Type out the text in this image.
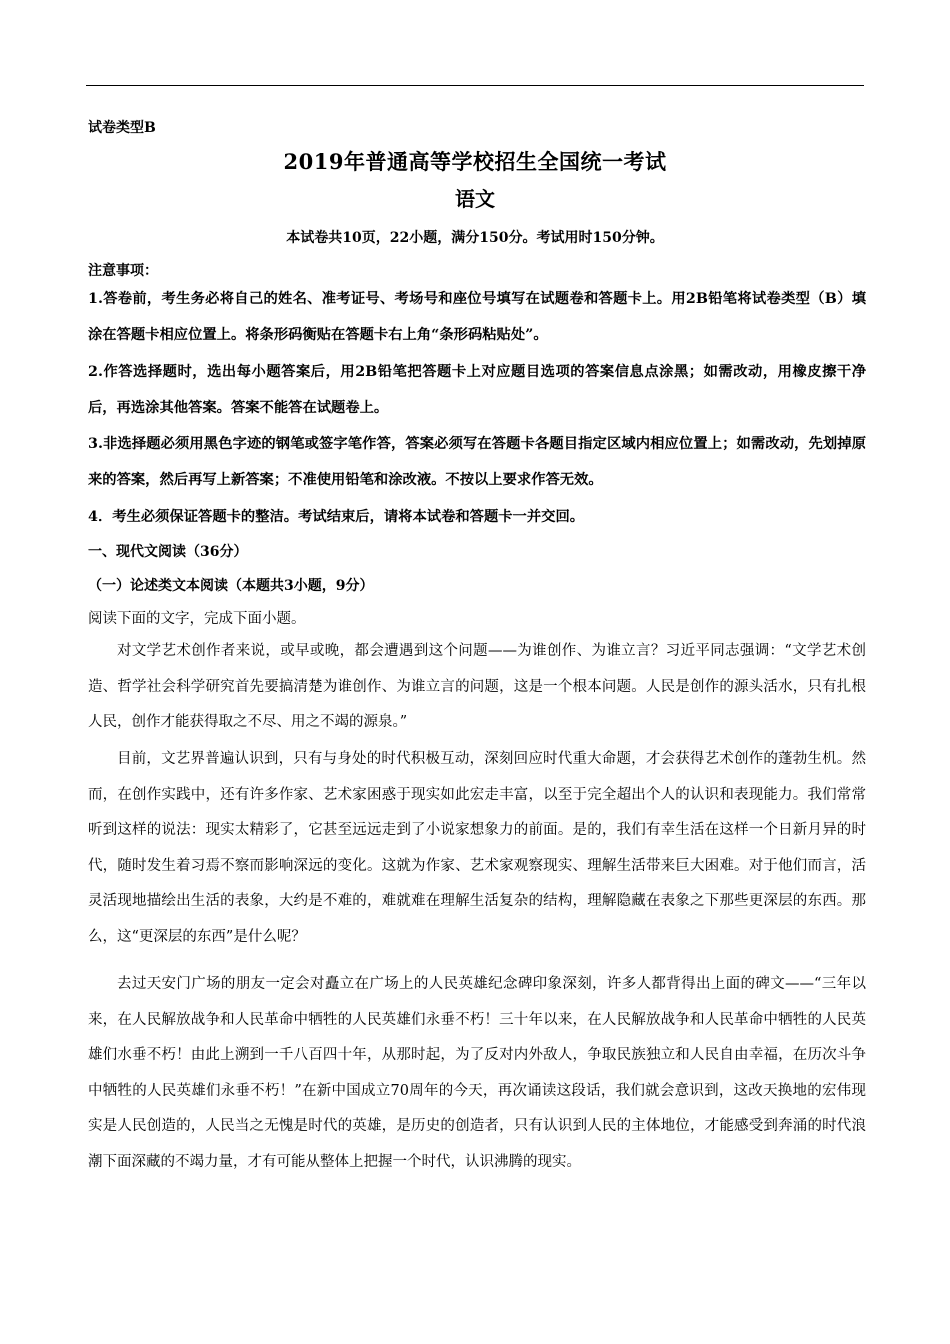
试卷类型B
2019年普通高等学校招生全国统一考试
语文
本试卷共10页，22小题，满分150分。考试用时150分钟。
注意事项：

1.答卷前，考生务必将自己的姓名、准考证号、考场号和座位号填写在试题卷和答题卡上。用2B铅笔将试卷类型（B）填涂在答题卡相应位置上。将条形码衡贴在答题卡右上角“条形码粘贴处”。

2.作答选择题时，选出每小题答案后，用2B铅笔把答题卡上对应题目选项的答案信息点涂黑；如需改动，用橡皮擦干净后，再选涂其他答案。答案不能答在试题卷上。

3.非选择题必须用黑色字迹的钢笔或签字笔作答，答案必须写在答题卡各题目指定区域内相应位置上；如需改动，先划掉原来的答案，然后再写上新答案；不准使用铅笔和涂改液。不按以上要求作答无效。

4．考生必须保证答题卡的整洁。考试结束后，请将本试卷和答题卡一并交回。

一、现代文阅读（36分）
（一）论述类文本阅读（本题共3小题，9分）
阅读下面的文字，完成下面小题。

对文学艺术创作者来说，或早或晚，都会遭遇到这个问题——为谁创作、为谁立言？习近平同志强调：“文学艺术创造、哲学社会科学研究首先要搞清楚为谁创作、为谁立言的问题，这是一个根本问题。人民是创作的源头活水，只有扎根人民，创作才能获得取之不尽、用之不竭的源泉。”

目前，文艺界普遍认识到，只有与身处的时代积极互动，深刻回应时代重大命题，才会获得艺术创作的蓬勃生机。然而，在创作实践中，还有许多作家、艺术家困惑于现实如此宏走丰富，以至于完全超出个人的认识和表现能力。我们常常听到这样的说法：现实太精彩了，它甚至远远走到了小说家想象力的前面。是的，我们有幸生活在这样一个日新月异的时代，随时发生着习焉不察而影响深远的变化。这就为作家、艺术家观察现实、理解生活带来巨大困难。对于他们而言，活灵活现地描绘出生活的表象，大约是不难的，难就难在理解生活复杂的结构，理解隐藏在表象之下那些更深层的东西。那么，这“更深层的东西”是什么呢？

去过天安门广场的朋友一定会对矗立在广场上的人民英雄纪念碑印象深刻，许多人都背得出上面的碑文——“三年以来，在人民解放战争和人民革命中牺牲的人民英雄们永垂不朽！三十年以来，在人民解放战争和人民革命中牺牲的人民英雄们水垂不朽！由此上溯到一千八百四十年，从那时起，为了反对内外敌人，争取民族独立和人民自由幸福，在历次斗争中牺牲的人民英雄们永垂不朽！”在新中国成立70周年的今天，再次诵读这段话，我们就会意识到，这改天换地的宏伟现实是人民创造的，人民当之无愧是时代的英雄，是历史的创造者，只有认识到人民的主体地位，才能感受到奔涌的时代浪潮下面深藏的不竭力量，才有可能从整体上把握一个时代，认识沸腾的现实。
